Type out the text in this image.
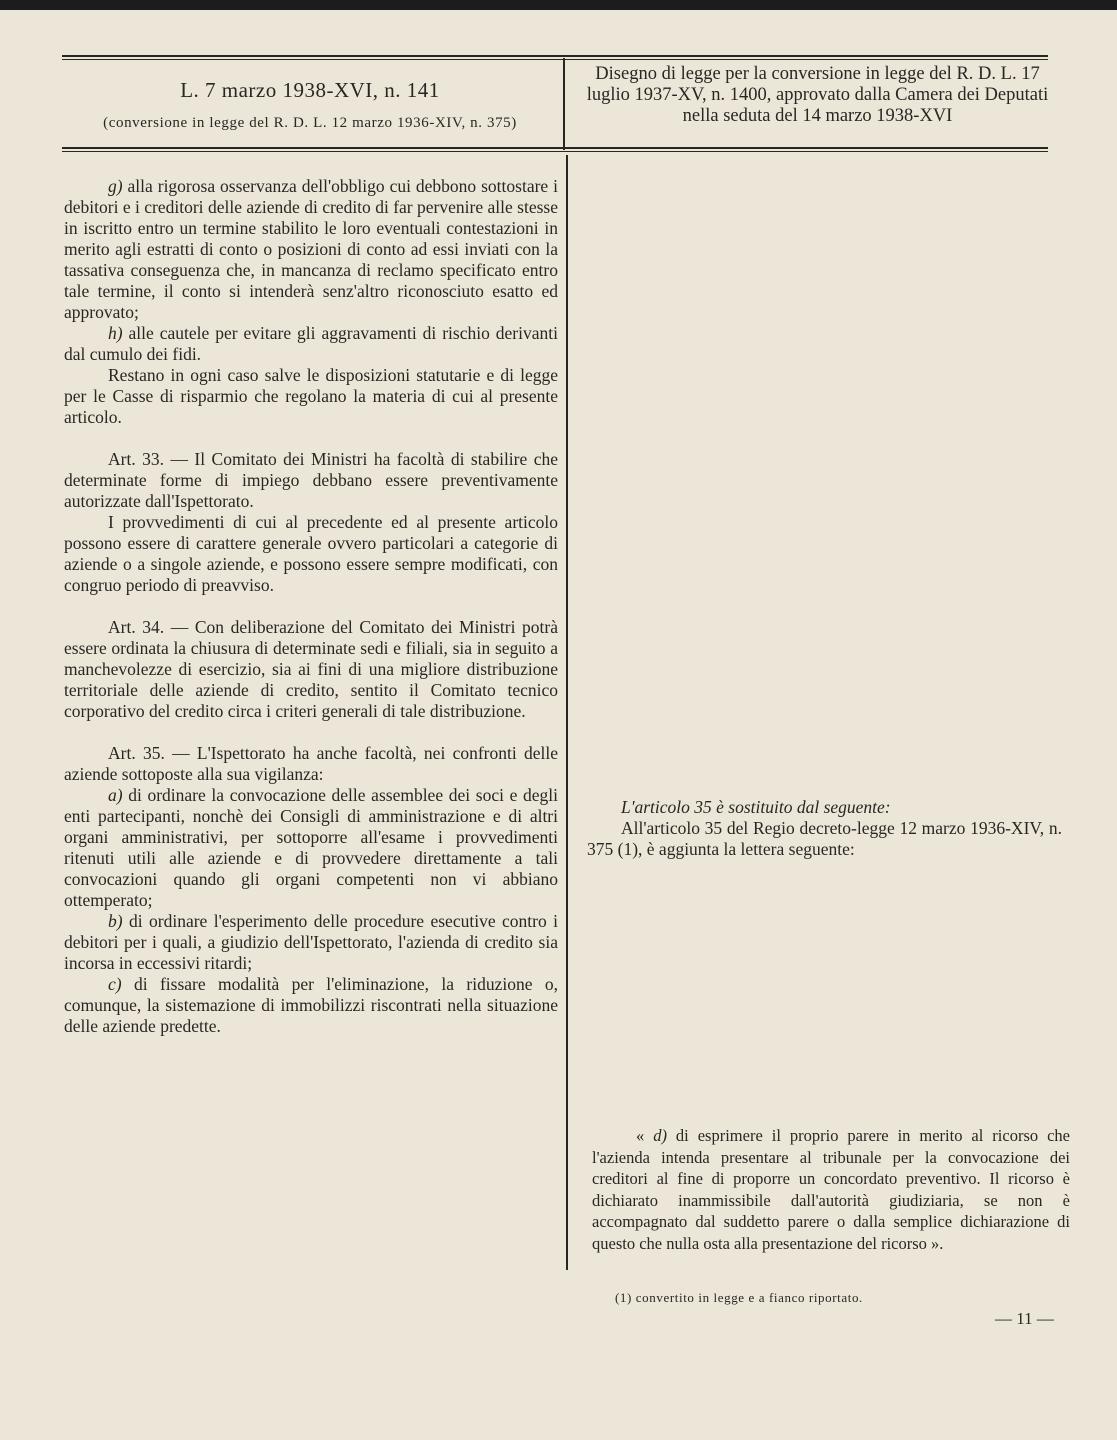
L. 7 marzo 1938-XVI, n. 141
(conversione in legge del R. D. L. 12 marzo 1936-XIV, n. 375)
Disegno di legge per la conversione in legge del R. D. L. 17 luglio 1937-XV, n. 1400, approvato dalla Camera dei Deputati nella seduta del 14 marzo 1938-XVI

g) alla rigorosa osservanza dell'obbligo cui debbono sottostare i debitori e i creditori delle aziende di credito di far pervenire alle stesse in iscritto entro un termine stabilito le loro eventuali contestazioni in merito agli estratti di conto o posizioni di conto ad essi inviati con la tassativa conseguenza che, in mancanza di reclamo specificato entro tale termine, il conto si intenderà senz'altro riconosciuto esatto ed approvato;

h) alle cautele per evitare gli aggravamenti di rischio derivanti dal cumulo dei fidi.

Restano in ogni caso salve le disposizioni statutarie e di legge per le Casse di risparmio che regolano la materia di cui al presente articolo.

Art. 33. — Il Comitato dei Ministri ha facoltà di stabilire che determinate forme di impiego debbano essere preventivamente autorizzate dall'Ispettorato.

I provvedimenti di cui al precedente ed al presente articolo possono essere di carattere generale ovvero particolari a categorie di aziende o a singole aziende, e possono essere sempre modificati, con congruo periodo di preavviso.

Art. 34. — Con deliberazione del Comitato dei Ministri potrà essere ordinata la chiusura di determinate sedi e filiali, sia in seguito a manchevolezze di esercizio, sia ai fini di una migliore distribuzione territoriale delle aziende di credito, sentito il Comitato tecnico corporativo del credito circa i criteri generali di tale distribuzione.

Art. 35. — L'Ispettorato ha anche facoltà, nei confronti delle aziende sottoposte alla sua vigilanza:

a) di ordinare la convocazione delle assemblee dei soci e degli enti partecipanti, nonchè dei Consigli di amministrazione e di altri organi amministrativi, per sottoporre all'esame i provvedimenti ritenuti utili alle aziende e di provvedere direttamente a tali convocazioni quando gli organi competenti non vi abbiano ottemperato;

b) di ordinare l'esperimento delle procedure esecutive contro i debitori per i quali, a giudizio dell'Ispettorato, l'azienda di credito sia incorsa in eccessivi ritardi;

c) di fissare modalità per l'eliminazione, la riduzione o, comunque, la sistemazione di immobilizzi riscontrati nella situazione delle aziende predette.

L'articolo 35 è sostituito dal seguente:

All'articolo 35 del Regio decreto-legge 12 marzo 1936-XIV, n. 375 (1), è aggiunta la lettera seguente:

« d) di esprimere il proprio parere in merito al ricorso che l'azienda intenda presentare al tribunale per la convocazione dei creditori al fine di proporre un concordato preventivo. Il ricorso è dichiarato inammissibile dall'autorità giudiziaria, se non è accompagnato dal suddetto parere o dalla semplice dichiarazione di questo che nulla osta alla presentazione del ricorso ».

(1) convertito in legge e a fianco riportato.
— 11 —
